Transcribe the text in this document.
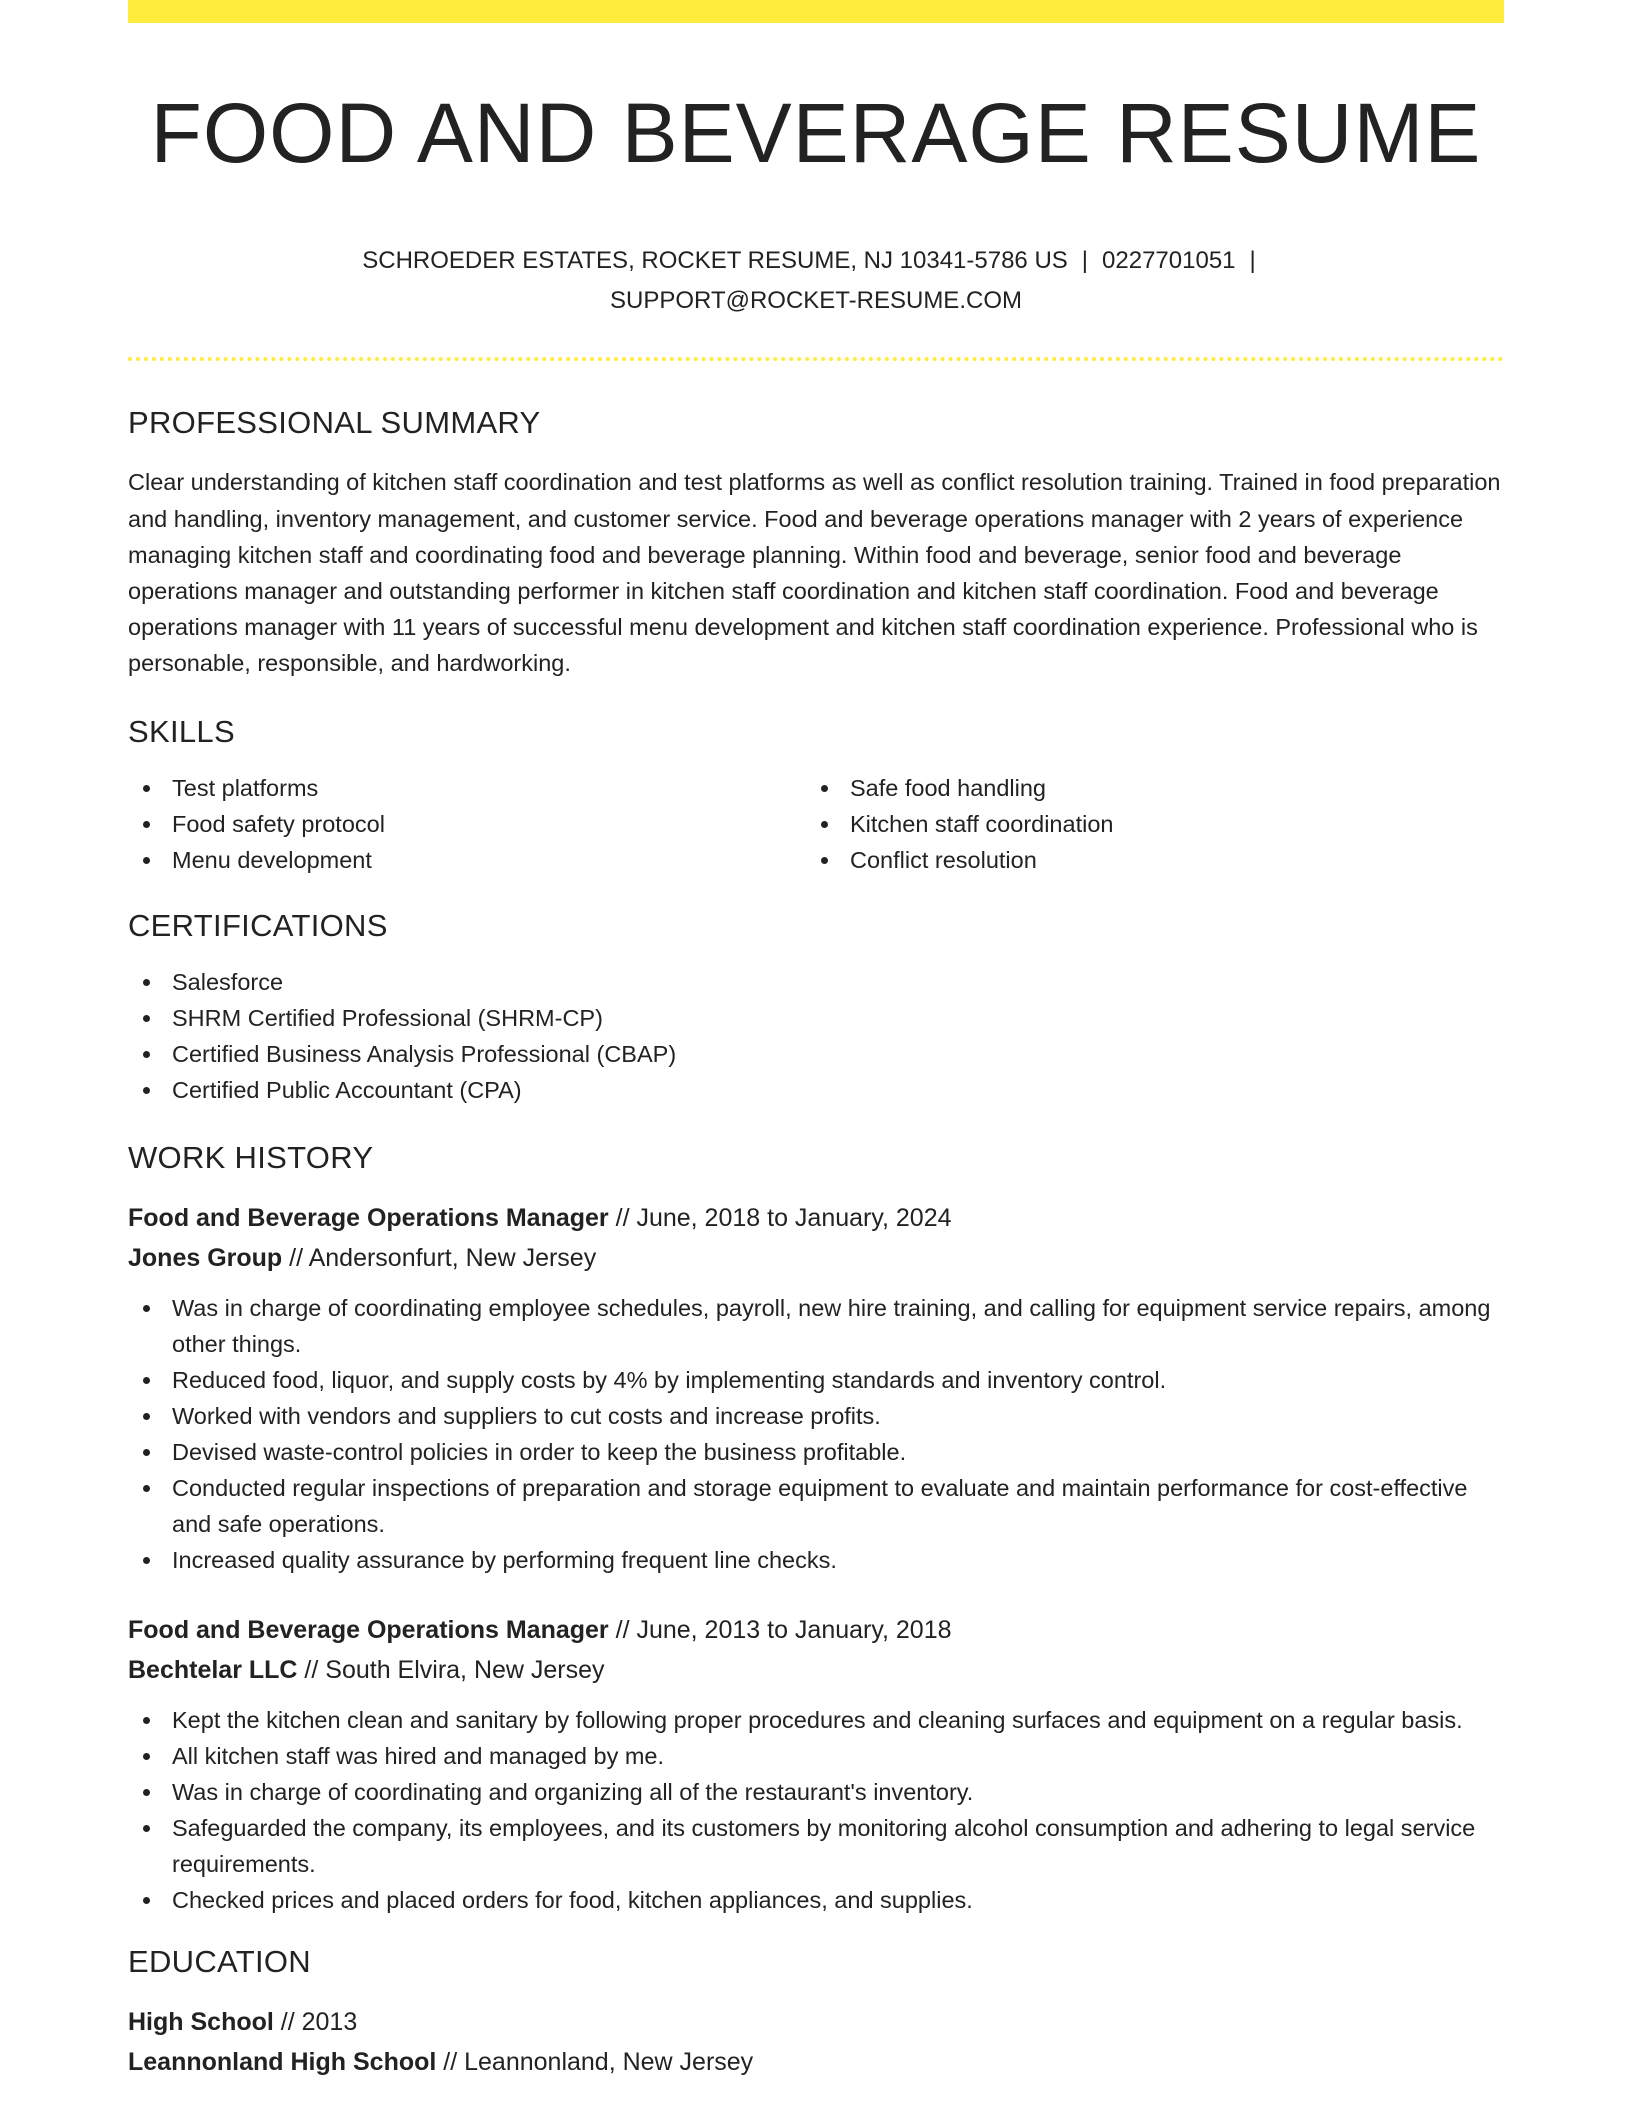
FOOD AND BEVERAGE RESUME
SCHROEDER ESTATES, ROCKET RESUME, NJ 10341-5786 US | 0227701051 |
SUPPORT@ROCKET-RESUME.COM
PROFESSIONAL SUMMARY

Clear understanding of kitchen staff coordination and test platforms as well as conflict resolution training. Trained in food preparation and handling, inventory management, and customer service. Food and beverage operations manager with 2 years of experience managing kitchen staff and coordinating food and beverage planning. Within food and beverage, senior food and beverage operations manager and outstanding performer in kitchen staff coordination and kitchen staff coordination. Food and beverage operations manager with 11 years of successful menu development and kitchen staff coordination experience. Professional who is personable, responsible, and hardworking.

SKILLS
Test platforms
Food safety protocol
Menu development
Safe food handling
Kitchen staff coordination
Conflict resolution
CERTIFICATIONS
Salesforce
SHRM Certified Professional (SHRM-CP)
Certified Business Analysis Professional (CBAP)
Certified Public Accountant (CPA)
WORK HISTORY
Food and Beverage Operations Manager // June, 2018 to January, 2024
Jones Group // Andersonfurt, New Jersey
Was in charge of coordinating employee schedules, payroll, new hire training, and calling for equipment service repairs, among other things.
Reduced food, liquor, and supply costs by 4% by implementing standards and inventory control.
Worked with vendors and suppliers to cut costs and increase profits.
Devised waste-control policies in order to keep the business profitable.
Conducted regular inspections of preparation and storage equipment to evaluate and maintain performance for cost-effective and safe operations.
Increased quality assurance by performing frequent line checks.
Food and Beverage Operations Manager // June, 2013 to January, 2018
Bechtelar LLC // South Elvira, New Jersey
Kept the kitchen clean and sanitary by following proper procedures and cleaning surfaces and equipment on a regular basis.
All kitchen staff was hired and managed by me.
Was in charge of coordinating and organizing all of the restaurant's inventory.
Safeguarded the company, its employees, and its customers by monitoring alcohol consumption and adhering to legal service requirements.
Checked prices and placed orders for food, kitchen appliances, and supplies.
EDUCATION
High School // 2013
Leannonland High School // Leannonland, New Jersey
